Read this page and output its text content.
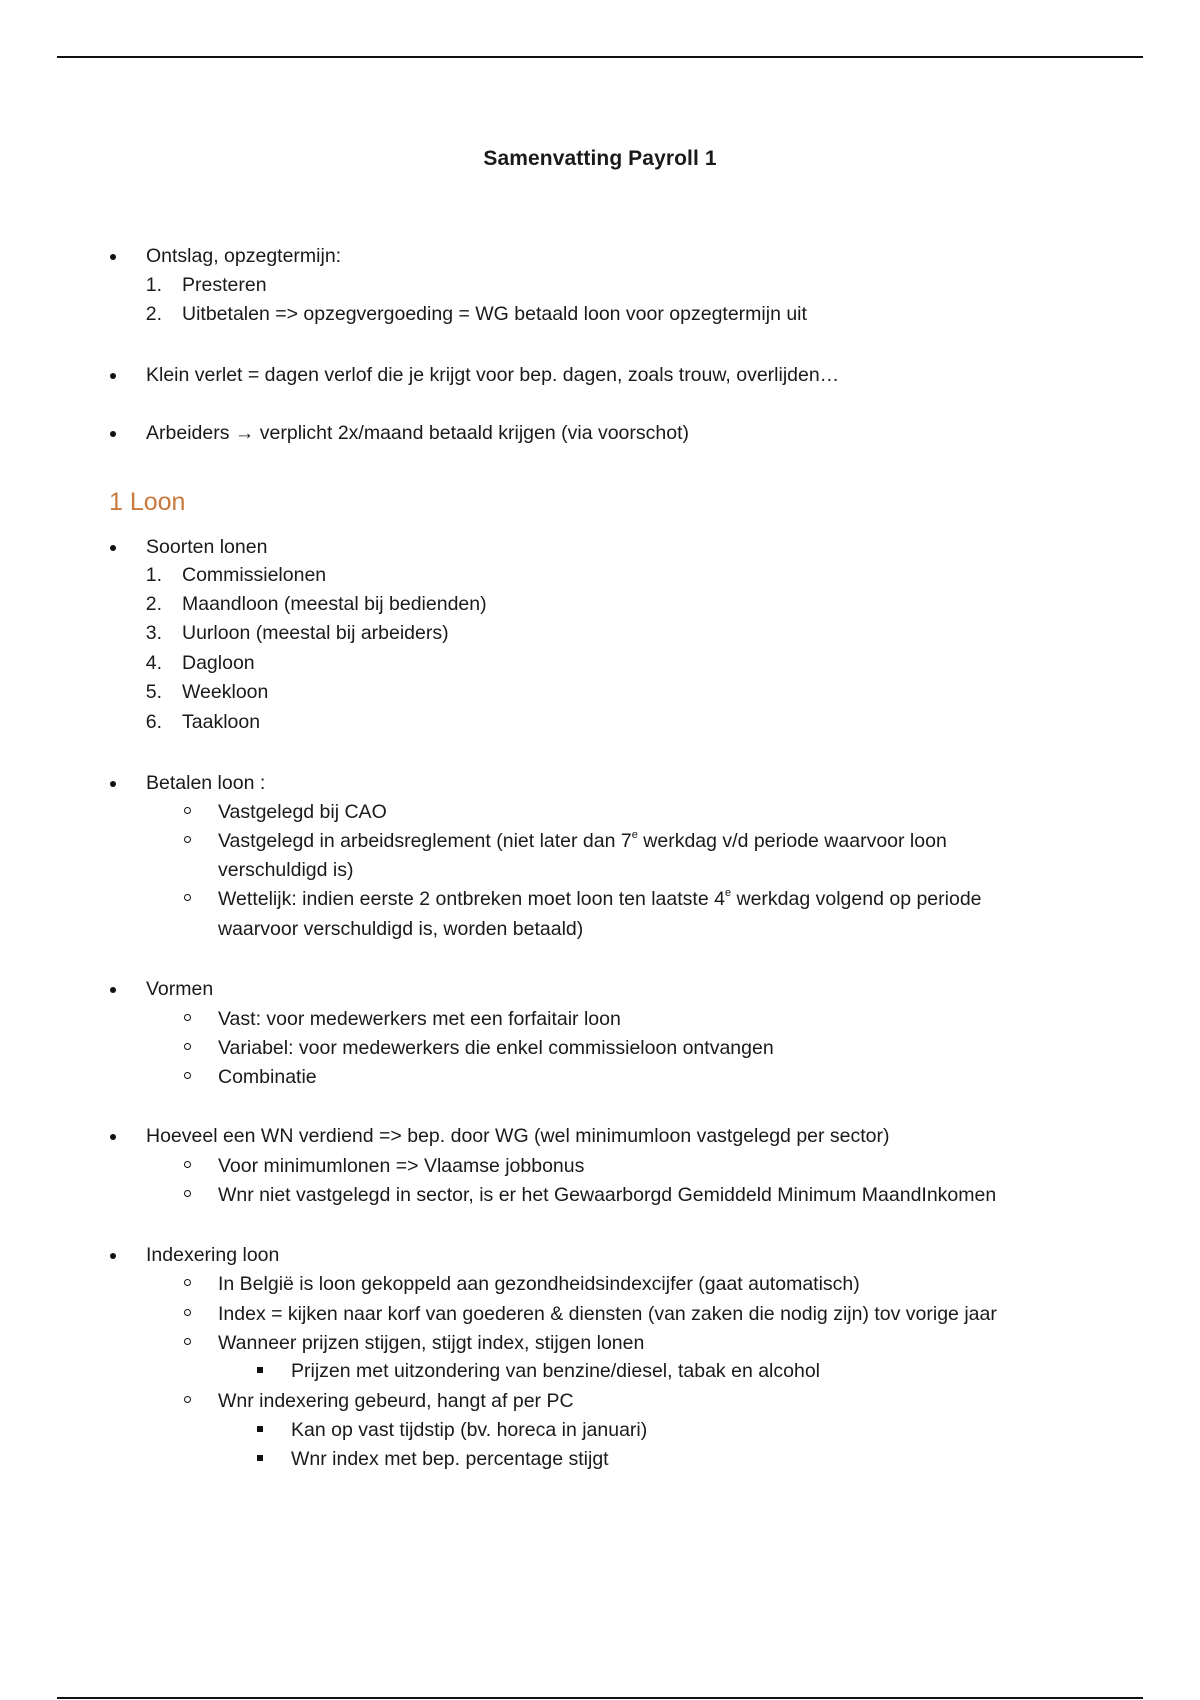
Samenvatting Payroll 1
Ontslag, opzegtermijn:
1. Presteren
2. Uitbetalen => opzegvergoeding = WG betaald loon voor opzegtermijn uit
Klein verlet = dagen verlof die je krijgt voor bep. dagen, zoals trouw, overlijden…
Arbeiders → verplicht 2x/maand betaald krijgen (via voorschot)
1 Loon
Soorten lonen
1. Commissielonen
2. Maandloon (meestal bij bedienden)
3. Uurloon (meestal bij arbeiders)
4. Dagloon
5. Weekloon
6. Taakloon
Betalen loon :
Vastgelegd bij CAO
Vastgelegd in arbeidsreglement (niet later dan 7e werkdag v/d periode waarvoor loon
verschuldigd is)
Wettelijk: indien eerste 2 ontbreken moet loon ten laatste 4e werkdag volgend op periode
waarvoor verschuldigd is, worden betaald)
Vormen
Vast: voor medewerkers met een forfaitair loon
Variabel: voor medewerkers die enkel commissieloon ontvangen
Combinatie
Hoeveel een WN verdiend => bep. door WG (wel minimumloon vastgelegd per sector)
Voor minimumlonen => Vlaamse jobbonus
Wnr niet vastgelegd in sector, is er het Gewaarborgd Gemiddeld Minimum MaandInkomen
Indexering loon
In België is loon gekoppeld aan gezondheidsindexcijfer (gaat automatisch)
Index = kijken naar korf van goederen & diensten (van zaken die nodig zijn) tov vorige jaar
Wanneer prijzen stijgen, stijgt index, stijgen lonen
Prijzen met uitzondering van benzine/diesel, tabak en alcohol
Wnr indexering gebeurd, hangt af per PC
Kan op vast tijdstip (bv. horeca in januari)
Wnr index met bep. percentage stijgt
